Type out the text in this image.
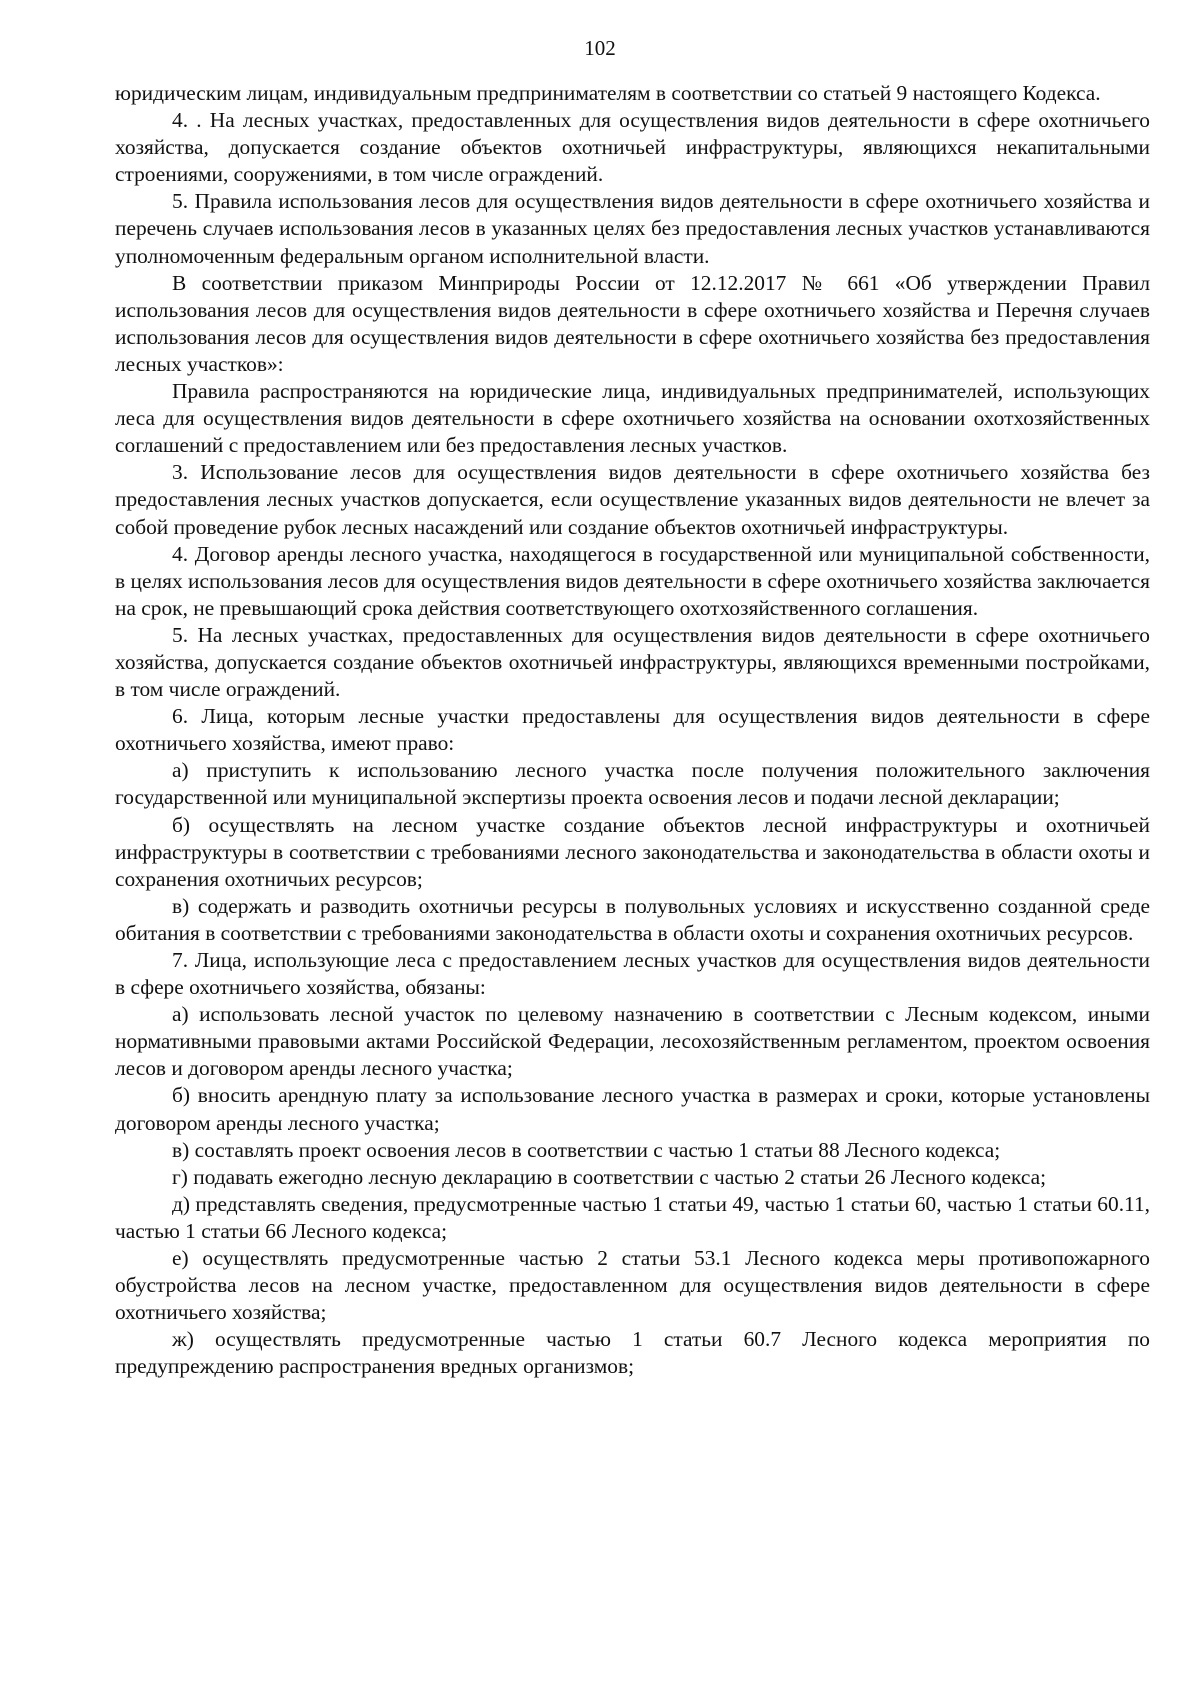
102

юридическим лицам, индивидуальным предпринимателям в соответствии со статьей 9 настоящего Кодекса.

4. . На лесных участках, предоставленных для осуществления видов деятельности в сфере охотничьего хозяйства, допускается создание объектов охотничьей инфраструктуры, являющихся некапитальными строениями, сооружениями, в том числе ограждений.

5. Правила использования лесов для осуществления видов деятельности в сфере охотничьего хозяйства и перечень случаев использования лесов в указанных целях без предоставления лесных участков устанавливаются уполномоченным федеральным органом исполнительной власти.

В соответствии приказом Минприроды России от 12.12.2017 № 661 «Об утверждении Правил использования лесов для осуществления видов деятельности в сфере охотничьего хозяйства и Перечня случаев использования лесов для осуществления видов деятельности в сфере охотничьего хозяйства без предоставления лесных участков»:

Правила распространяются на юридические лица, индивидуальных предпринимателей, использующих леса для осуществления видов деятельности в сфере охотничьего хозяйства на основании охотхозяйственных соглашений с предоставлением или без предоставления лесных участков.

3. Использование лесов для осуществления видов деятельности в сфере охотничьего хозяйства без предоставления лесных участков допускается, если осуществление указанных видов деятельности не влечет за собой проведение рубок лесных насаждений или создание объектов охотничьей инфраструктуры.

4. Договор аренды лесного участка, находящегося в государственной или муниципальной собственности, в целях использования лесов для осуществления видов деятельности в сфере охотничьего хозяйства заключается на срок, не превышающий срока действия соответствующего охотхозяйственного соглашения.

5. На лесных участках, предоставленных для осуществления видов деятельности в сфере охотничьего хозяйства, допускается создание объектов охотничьей инфраструктуры, являющихся временными постройками, в том числе ограждений.

6. Лица, которым лесные участки предоставлены для осуществления видов деятельности в сфере охотничьего хозяйства, имеют право:

а) приступить к использованию лесного участка после получения положительного заключения государственной или муниципальной экспертизы проекта освоения лесов и подачи лесной декларации;

б) осуществлять на лесном участке создание объектов лесной инфраструктуры и охотничьей инфраструктуры в соответствии с требованиями лесного законодательства и законодательства в области охоты и сохранения охотничьих ресурсов;

в) содержать и разводить охотничьи ресурсы в полувольных условиях и искусственно созданной среде обитания в соответствии с требованиями законодательства в области охоты и сохранения охотничьих ресурсов.

7. Лица, использующие леса с предоставлением лесных участков для осуществления видов деятельности в сфере охотничьего хозяйства, обязаны:

а) использовать лесной участок по целевому назначению в соответствии с Лесным кодексом, иными нормативными правовыми актами Российской Федерации, лесохозяйственным регламентом, проектом освоения лесов и договором аренды лесного участка;

б) вносить арендную плату за использование лесного участка в размерах и сроки, которые установлены договором аренды лесного участка;

в) составлять проект освоения лесов в соответствии с частью 1 статьи 88 Лесного кодекса;

г) подавать ежегодно лесную декларацию в соответствии с частью 2 статьи 26 Лесного кодекса;

д) представлять сведения, предусмотренные частью 1 статьи 49, частью 1 статьи 60, частью 1 статьи 60.11, частью 1 статьи 66 Лесного кодекса;

е) осуществлять предусмотренные частью 2 статьи 53.1 Лесного кодекса меры противопожарного обустройства лесов на лесном участке, предоставленном для осуществления видов деятельности в сфере охотничьего хозяйства;

ж) осуществлять предусмотренные частью 1 статьи 60.7 Лесного кодекса мероприятия по предупреждению распространения вредных организмов;
